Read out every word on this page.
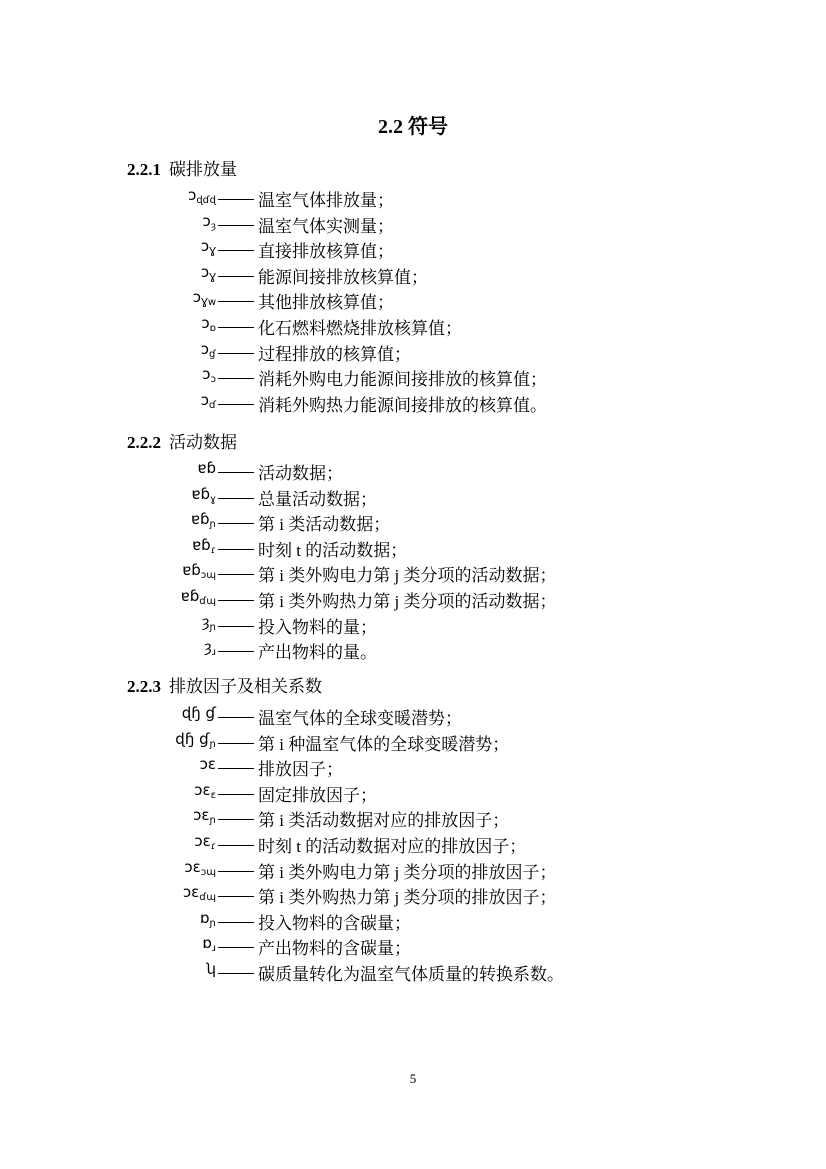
2.2 符号
2.2.1 碳排放量
ɔ$_{ɖɗɖ}$	温室气体排放量；
ɔ$_ȝ$	温室气体实测量；
ɔ$_Ɣ$	直接排放核算值；
ɔ$_Ɣ$	能源间接排放核算值；
ɔ$_{Ɣw}$	其他排放核算值；
ɔ$_ɒ$	化石燃料燃烧排放核算值；
ɔ$_ɠ$	过程排放的核算值；
ɔ$_ɔ$	消耗外购电力能源间接排放的核算值；
ɔ$_ɗ$	消耗外购热力能源间接排放的核算值。
2.2.2 活动数据
ɐɓ	活动数据；
ɐɓ$_ɣ$	总量活动数据；
ɐɓ$_ɲ$	第 i 类活动数据；
ɐɓ$_ɾ$	时刻 t 的活动数据；
ɐɓ$_{ɔɰ}$	第 i 类外购电力第 j 类分项的活动数据；
ɐɓ$_{ɗɰ}$	第 i 类外购热力第 j 类分项的活动数据；
$ȝ_ɲ$	投入物料的量；
$ȝ_ɹ$	产出物料的量。
2.2.3 排放因子及相关系数
ɖɧ ɠ	温室气体的全球变暖潜势；
ɖɧ ɠ$_ɲ$	第 i 种温室气体的全球变暖潜势；
ɔɛ	排放因子；
ɔɛ$_ɛ$	固定排放因子；
ɔɛ$_ɲ$	第 i 类活动数据对应的排放因子；
ɔɛ$_ɾ$	时刻 t 的活动数据对应的排放因子；
ɔɛ$_{ɔɰ}$	第 i 类外购电力第 j 类分项的排放因子；
ɔɛ$_{ɗɰ}$	第 i 类外购热力第 j 类分项的排放因子；
ɒ$_ɲ$	投入物料的含碳量；
ɒ$_ɹ$	产出物料的含碳量；
ʮ	碳质量转化为温室气体质量的转换系数。
5
